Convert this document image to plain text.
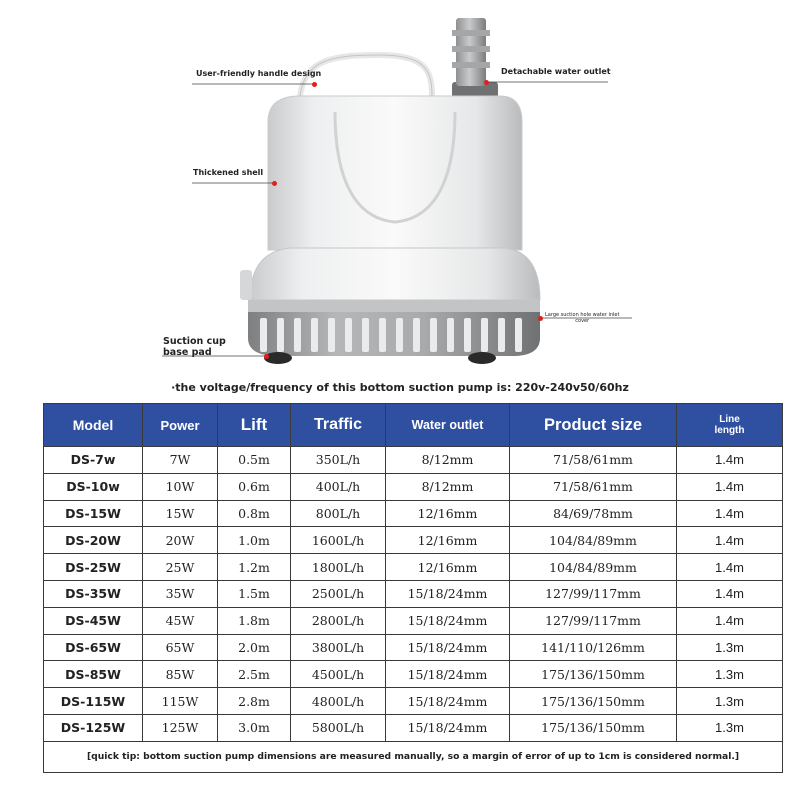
User-friendly handle design	Detachable water outlet
Thickened shell
Large suction hole water inlet
cover
Suction cup
base pad
·the voltage/frequency of this bottom suction pump is: 220v-240v50/60hz
Model	Power	Lift	Traffic	Water outlet	Product size	Line
length

DS-7w	7W	0.5m	350L/h	8/12mm	71/58/61mm	1.4m
DS-10w	10W	0.6m	400L/h	8/12mm	71/58/61mm	1.4m
DS-15W	15W	0.8m	800L/h	12/16mm	84/69/78mm	1.4m
DS-20W	20W	1.0m	1600L/h	12/16mm	104/84/89mm	1.4m
DS-25W	25W	1.2m	1800L/h	12/16mm	104/84/89mm	1.4m
DS-35W	35W	1.5m	2500L/h	15/18/24mm	127/99/117mm	1.4m
DS-45W	45W	1.8m	2800L/h	15/18/24mm	127/99/117mm	1.4m
DS-65W	65W	2.0m	3800L/h	15/18/24mm	141/110/126mm	1.3m
DS-85W	85W	2.5m	4500L/h	15/18/24mm	175/136/150mm	1.3m
DS-115W	115W	2.8m	4800L/h	15/18/24mm	175/136/150mm	1.3m
DS-125W	125W	3.0m	5800L/h	15/18/24mm	175/136/150mm	1.3m
[quick tip: bottom suction pump dimensions are measured manually, so a margin of error of up to 1cm is considered normal.]						
